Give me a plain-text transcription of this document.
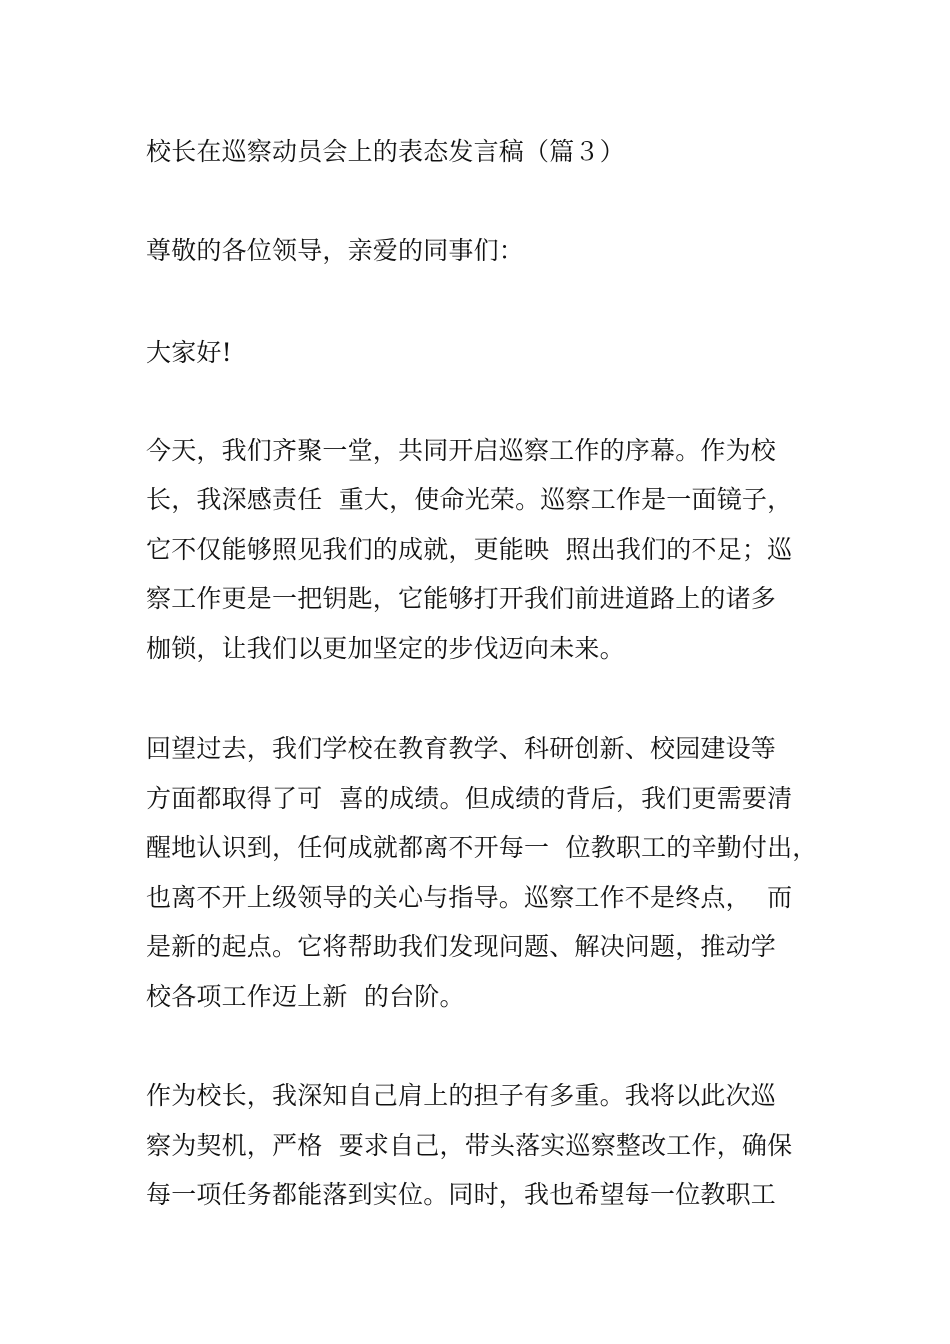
校长在巡察动员会上的表态发言稿（篇３）
尊敬的各位领导，亲爱的同事们：
大家好!
今天，我们齐聚一堂，共同开启巡察工作的序幕。作为校
长，我深感责任  重大，使命光荣。巡察工作是一面镜子，
它不仅能够照见我们的成就，更能映  照出我们的不足；巡
察工作更是一把钥匙，它能够打开我们前进道路上的诸多
枷锁，让我们以更加坚定的步伐迈向未来。
回望过去，我们学校在教育教学、科研创新、校园建设等
方面都取得了可  喜的成绩。但成绩的背后，我们更需要清
醒地认识到，任何成就都离不开每一  位教职工的辛勤付出，
也离不开上级领导的关心与指导。巡察工作不是终点，  而
是新的起点。它将帮助我们发现问题、解决问题，推动学
校各项工作迈上新  的台阶。
作为校长，我深知自己肩上的担子有多重。我将以此次巡
察为契机，严格  要求自己，带头落实巡察整改工作，确保
每一项任务都能落到实位。同时，我也希望每一位教职工
